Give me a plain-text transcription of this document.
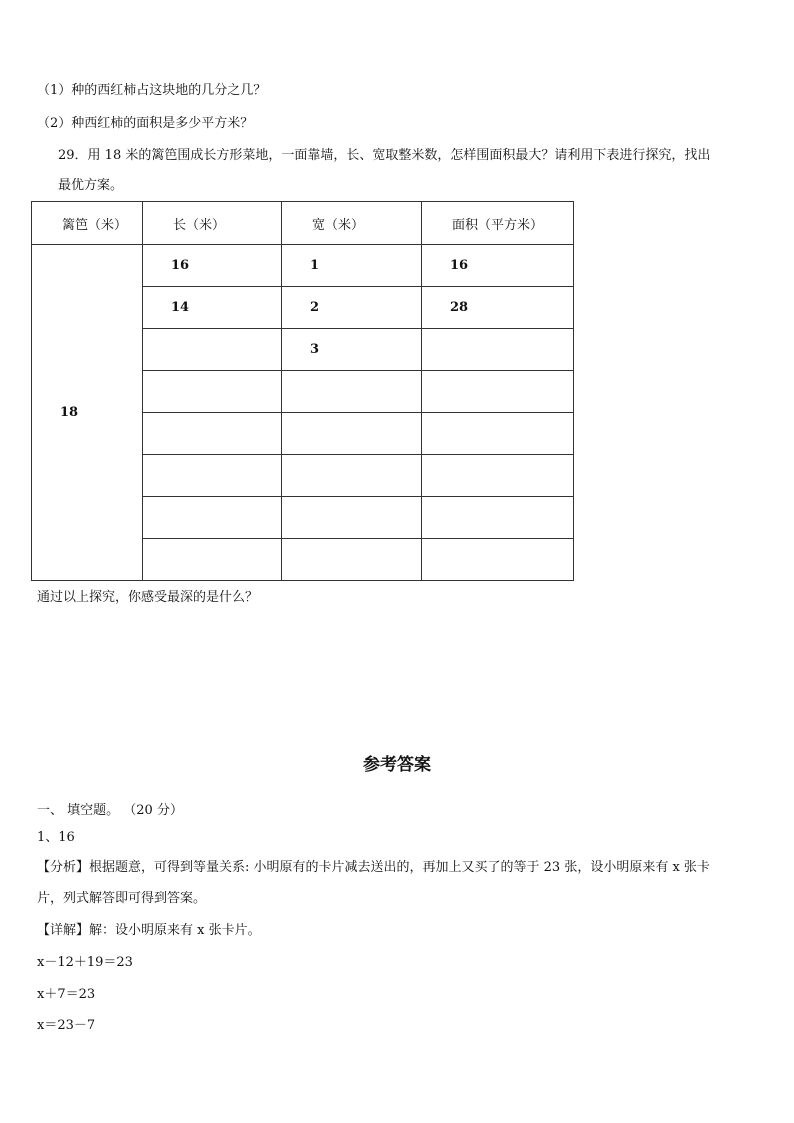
（1）种的西红柿占这块地的几分之几？
（2）种西红柿的面积是多少平方米？
29．用 18 米的篱笆围成长方形菜地，一面靠墙，长、宽取整米数，怎样围面积最大？请利用下表进行探究，找出
最优方案。
篱笆（米）	长（米）	宽（米）	面积（平方米）

18	16	1	16

	14	2	28

		3	

通过以上探究，你感受最深的是什么？
参考答案
一、 填空题。 （20 分）
1、16
【分析】根据题意，可得到等量关系: 小明原有的卡片减去送出的，再加上又买了的等于 23 张，设小明原来有 x 张卡
片，列式解答即可得到答案。
【详解】解：设小明原来有 x 张卡片。
x－12＋19＝23
x＋7＝23
x＝23－7
